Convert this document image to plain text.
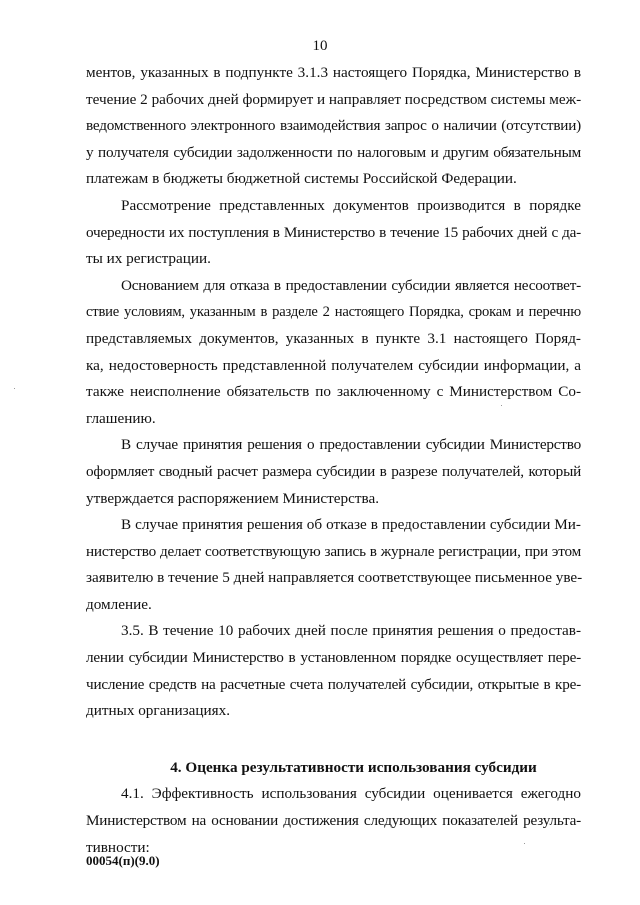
10
ментов, указанных в подпункте 3.1.3 настоящего Порядка, Министерство в
течение 2 рабочих дней формирует и направляет посредством системы меж-
ведомственного электронного взаимодействия запрос о наличии (отсутствии)
у получателя субсидии задолженности по налоговым и другим обязательным
платежам в бюджеты бюджетной системы Российской Федерации.
Рассмотрение представленных документов производится в порядке
очередности их поступления в Министерство в течение 15 рабочих дней с да-
ты их регистрации.
Основанием для отказа в предоставлении субсидии является несоответ-
ствие условиям, указанным в разделе 2 настоящего Порядка, срокам и перечню
представляемых документов, указанных в пункте 3.1 настоящего Поряд-
ка, недостоверность представленной получателем субсидии информации, а
также неисполнение обязательств по заключенному с Министерством Со-
глашению.
В случае принятия решения о предоставлении субсидии Министерство
оформляет сводный расчет размера субсидии в разрезе получателей, который
утверждается распоряжением Министерства.
В случае принятия решения об отказе в предоставлении субсидии Ми-
нистерство делает соответствующую запись в журнале регистрации, при этом
заявителю в течение 5 дней направляется соответствующее письменное уве-
домление.
3.5. В течение 10 рабочих дней после принятия решения о предостав-
лении субсидии Министерство в установленном порядке осуществляет пере-
числение средств на расчетные счета получателей субсидии, открытые в кре-
дитных организациях.
4. Оценка результативности использования субсидии
4.1. Эффективность использования субсидии оценивается ежегодно
Министерством на основании достижения следующих показателей результа-
тивности:
00054(п)(9.0)
